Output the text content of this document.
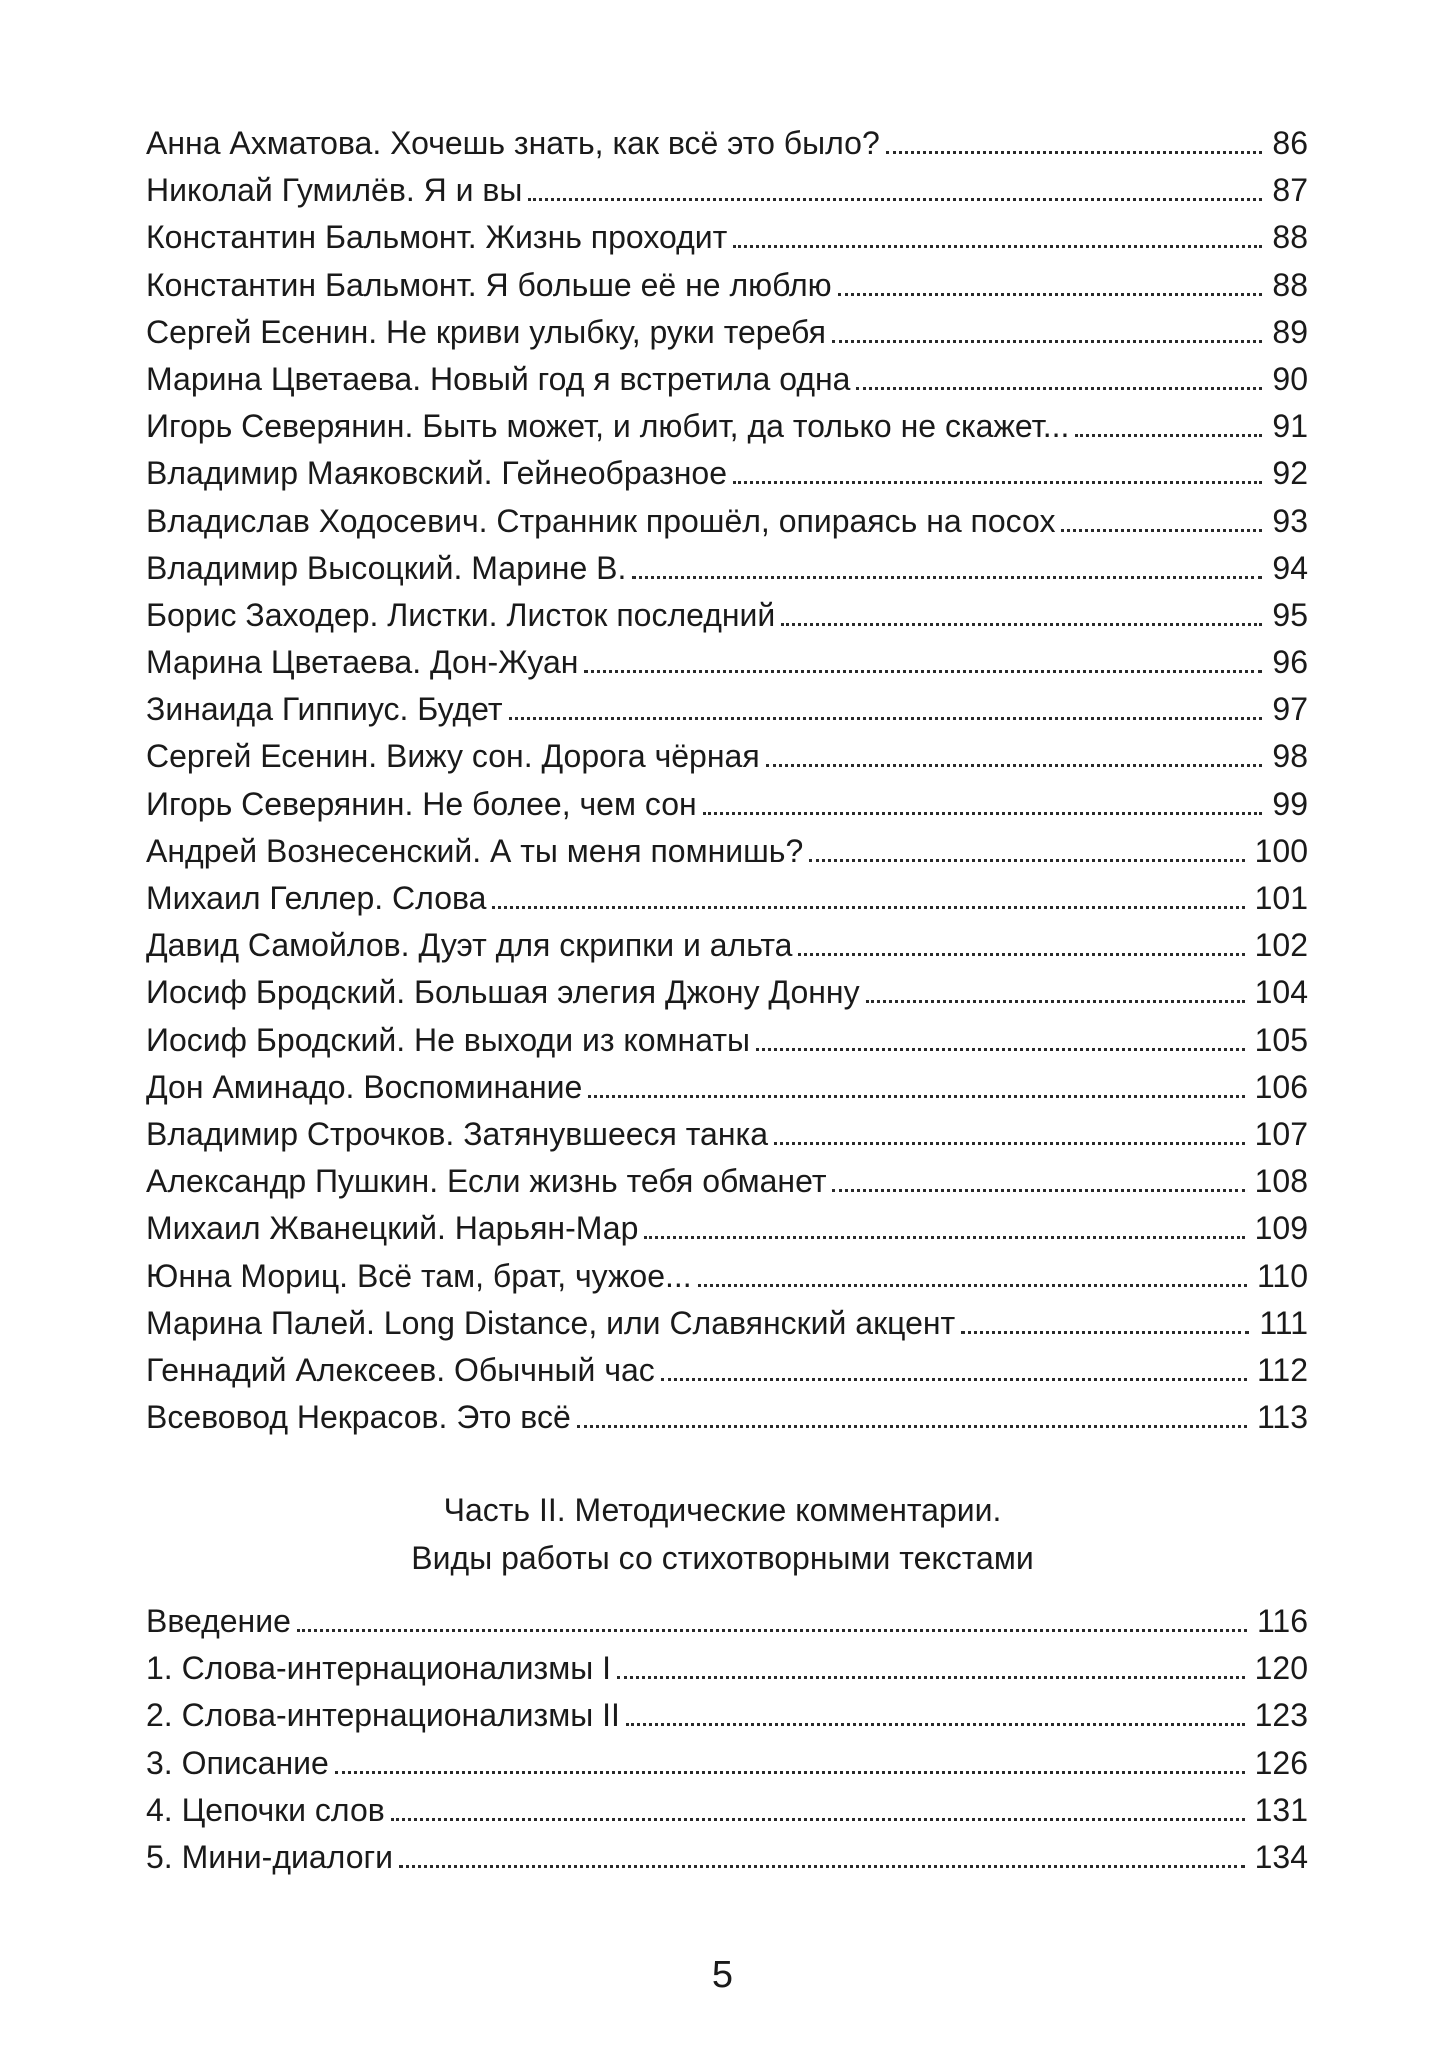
Анна Ахматова. Хочешь знать, как всё это было?	86
Николай Гумилёв. Я и вы	87
Константин Бальмонт. Жизнь проходит	88
Константин Бальмонт. Я больше её не люблю	88
Сергей Есенин. Не криви улыбку, руки теребя	89
Марина Цветаева. Новый год я встретила одна	90
Игорь Северянин. Быть может, и любит, да только не скажет...	91
Владимир Маяковский. Гейнеобразное	92
Владислав Ходосевич. Странник прошёл, опираясь на посох	93
Владимир Высоцкий. Марине В.	94
Борис Заходер. Листки. Листок последний	95
Марина Цветаева. Дон-Жуан	96
Зинаида Гиппиус. Будет	97
Сергей Есенин. Вижу сон. Дорога чёрная	98
Игорь Северянин. Не более, чем сон	99
Андрей Вознесенский. А ты меня помнишь?	100
Михаил Геллер. Слова	101
Давид Самойлов. Дуэт для скрипки и альта	102
Иосиф Бродский. Большая элегия Джону Донну	104
Иосиф Бродский. Не выходи из комнаты	105
Дон Аминадо. Воспоминание	106
Владимир Строчков. Затянувшееся танка	107
Александр Пушкин. Если жизнь тебя обманет	108
Михаил Жванецкий. Нарьян-Мар	109
Юнна Мориц. Всё там, брат, чужое...	110
Марина Палей. Long Distance, или Славянский акцент	111
Геннадий Алексеев. Обычный час	112
Всевовод Некрасов. Это всё	113
Часть II. Методические комментарии.
Виды работы со стихотворными текстами
Введение	116
1. Слова-интернационализмы I	120
2. Слова-интернационализмы II	123
3. Описание	126
4. Цепочки слов	131
5. Мини-диалоги	134
5
